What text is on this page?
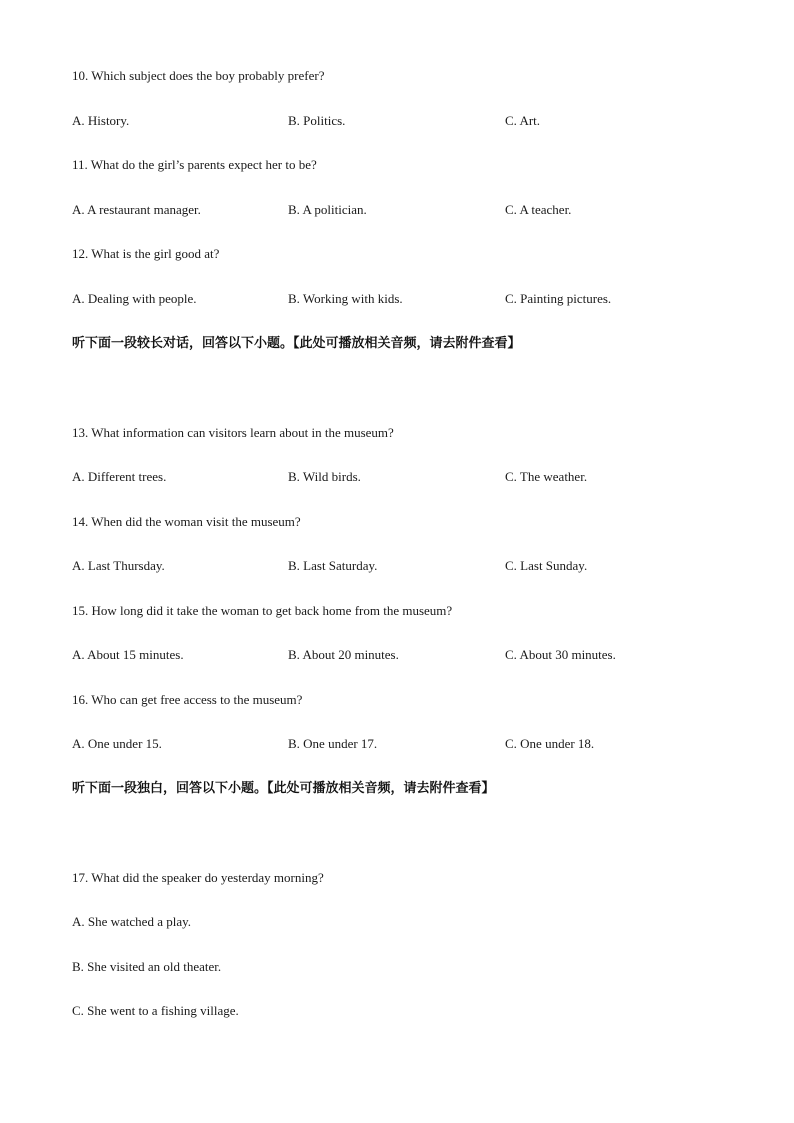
10. Which subject does the boy probably prefer?
A. History.	B. Politics.	C. Art.
11. What do the girl’s parents expect her to be?
A. A restaurant manager.	B. A politician.	C. A teacher.
12. What is the girl good at?
A. Dealing with people.	B. Working with kids.	C. Painting pictures.
听下面一段较长对话，回答以下小题。【此处可播放相关音频，请去附件查看】
13. What information can visitors learn about in the museum?
A. Different trees.	B. Wild birds.	C. The weather.
14. When did the woman visit the museum?
A. Last Thursday.	B. Last Saturday.	C. Last Sunday.
15. How long did it take the woman to get back home from the museum?
A. About 15 minutes.	B. About 20 minutes.	C. About 30 minutes.
16. Who can get free access to the museum?
A. One under 15.	B. One under 17.	C. One under 18.
听下面一段独白，回答以下小题。【此处可播放相关音频，请去附件查看】
17. What did the speaker do yesterday morning?
A. She watched a play.
B. She visited an old theater.
C. She went to a fishing village.
